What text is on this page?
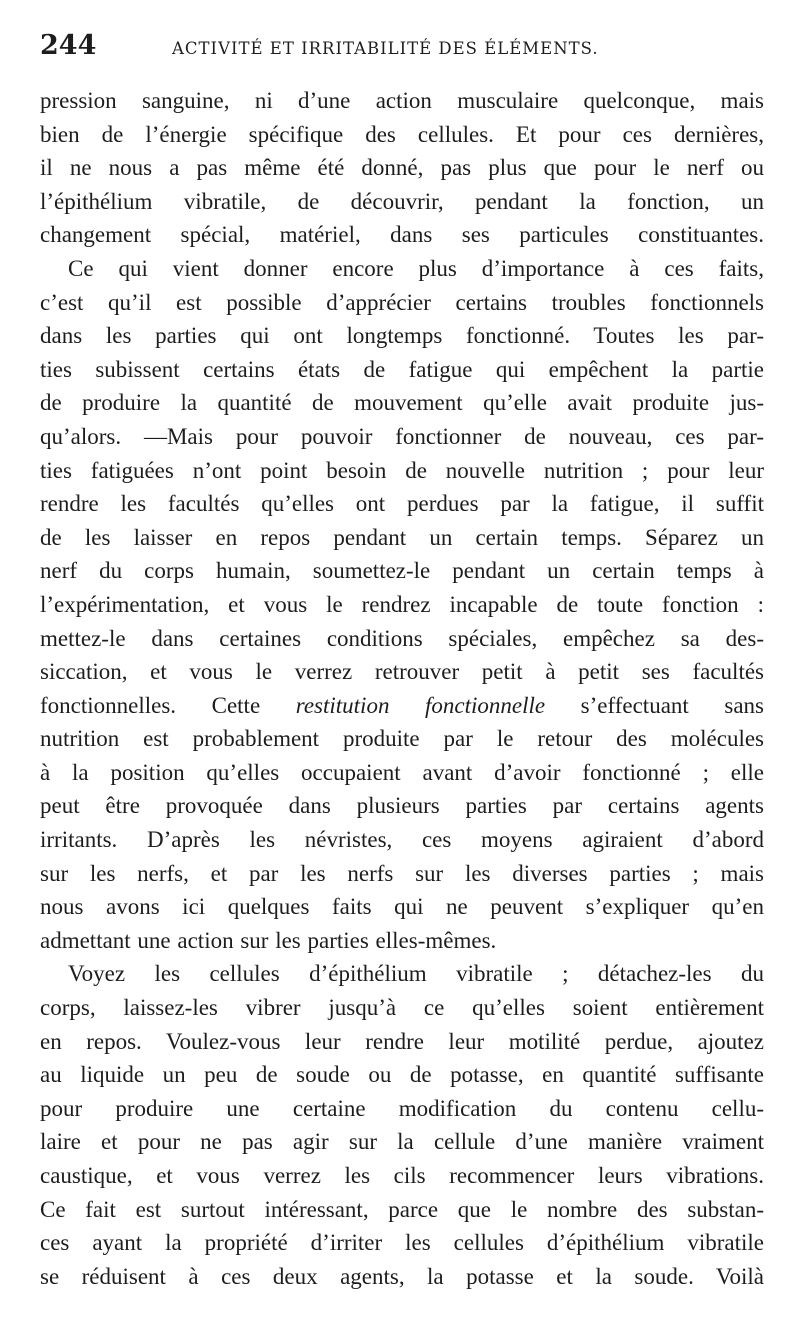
244	ACTIVITÉ ET IRRITABILITÉ DES ÉLÉMENTS.
pression sanguine, ni d’une action musculaire quelconque, mais
bien de l’énergie spécifique des cellules. Et pour ces dernières,
il ne nous a pas même été donné, pas plus que pour le nerf ou
l’épithélium vibratile, de découvrir, pendant la fonction, un
changement spécial, matériel, dans ses particules constituantes.
Ce qui vient donner encore plus d’importance à ces faits,
c’est qu’il est possible d’apprécier certains troubles fonctionnels
dans les parties qui ont longtemps fonctionné. Toutes les par-
ties subissent certains états de fatigue qui empêchent la partie
de produire la quantité de mouvement qu’elle avait produite jus-
qu’alors. —Mais pour pouvoir fonctionner de nouveau, ces par-
ties fatiguées n’ont point besoin de nouvelle nutrition ; pour leur
rendre les facultés qu’elles ont perdues par la fatigue, il suffit
de les laisser en repos pendant un certain temps. Séparez un
nerf du corps humain, soumettez-le pendant un certain temps à
l’expérimentation, et vous le rendrez incapable de toute fonction :
mettez-le dans certaines conditions spéciales, empêchez sa des-
siccation, et vous le verrez retrouver petit à petit ses facultés
fonctionnelles. Cette restitution fonctionnelle s’effectuant sans
nutrition est probablement produite par le retour des molécules
à la position qu’elles occupaient avant d’avoir fonctionné ; elle
peut être provoquée dans plusieurs parties par certains agents
irritants. D’après les névristes, ces moyens agiraient d’abord
sur les nerfs, et par les nerfs sur les diverses parties ; mais
nous avons ici quelques faits qui ne peuvent s’expliquer qu’en
admettant une action sur les parties elles-mêmes.
Voyez les cellules d’épithélium vibratile ; détachez-les du
corps, laissez-les vibrer jusqu’à ce qu’elles soient entièrement
en repos. Voulez-vous leur rendre leur motilité perdue, ajoutez
au liquide un peu de soude ou de potasse, en quantité suffisante
pour produire une certaine modification du contenu cellu-
laire et pour ne pas agir sur la cellule d’une manière vraiment
caustique, et vous verrez les cils recommencer leurs vibrations.
Ce fait est surtout intéressant, parce que le nombre des substan-
ces ayant la propriété d’irriter les cellules d’épithélium vibratile
se réduisent à ces deux agents, la potasse et la soude. Voilà
